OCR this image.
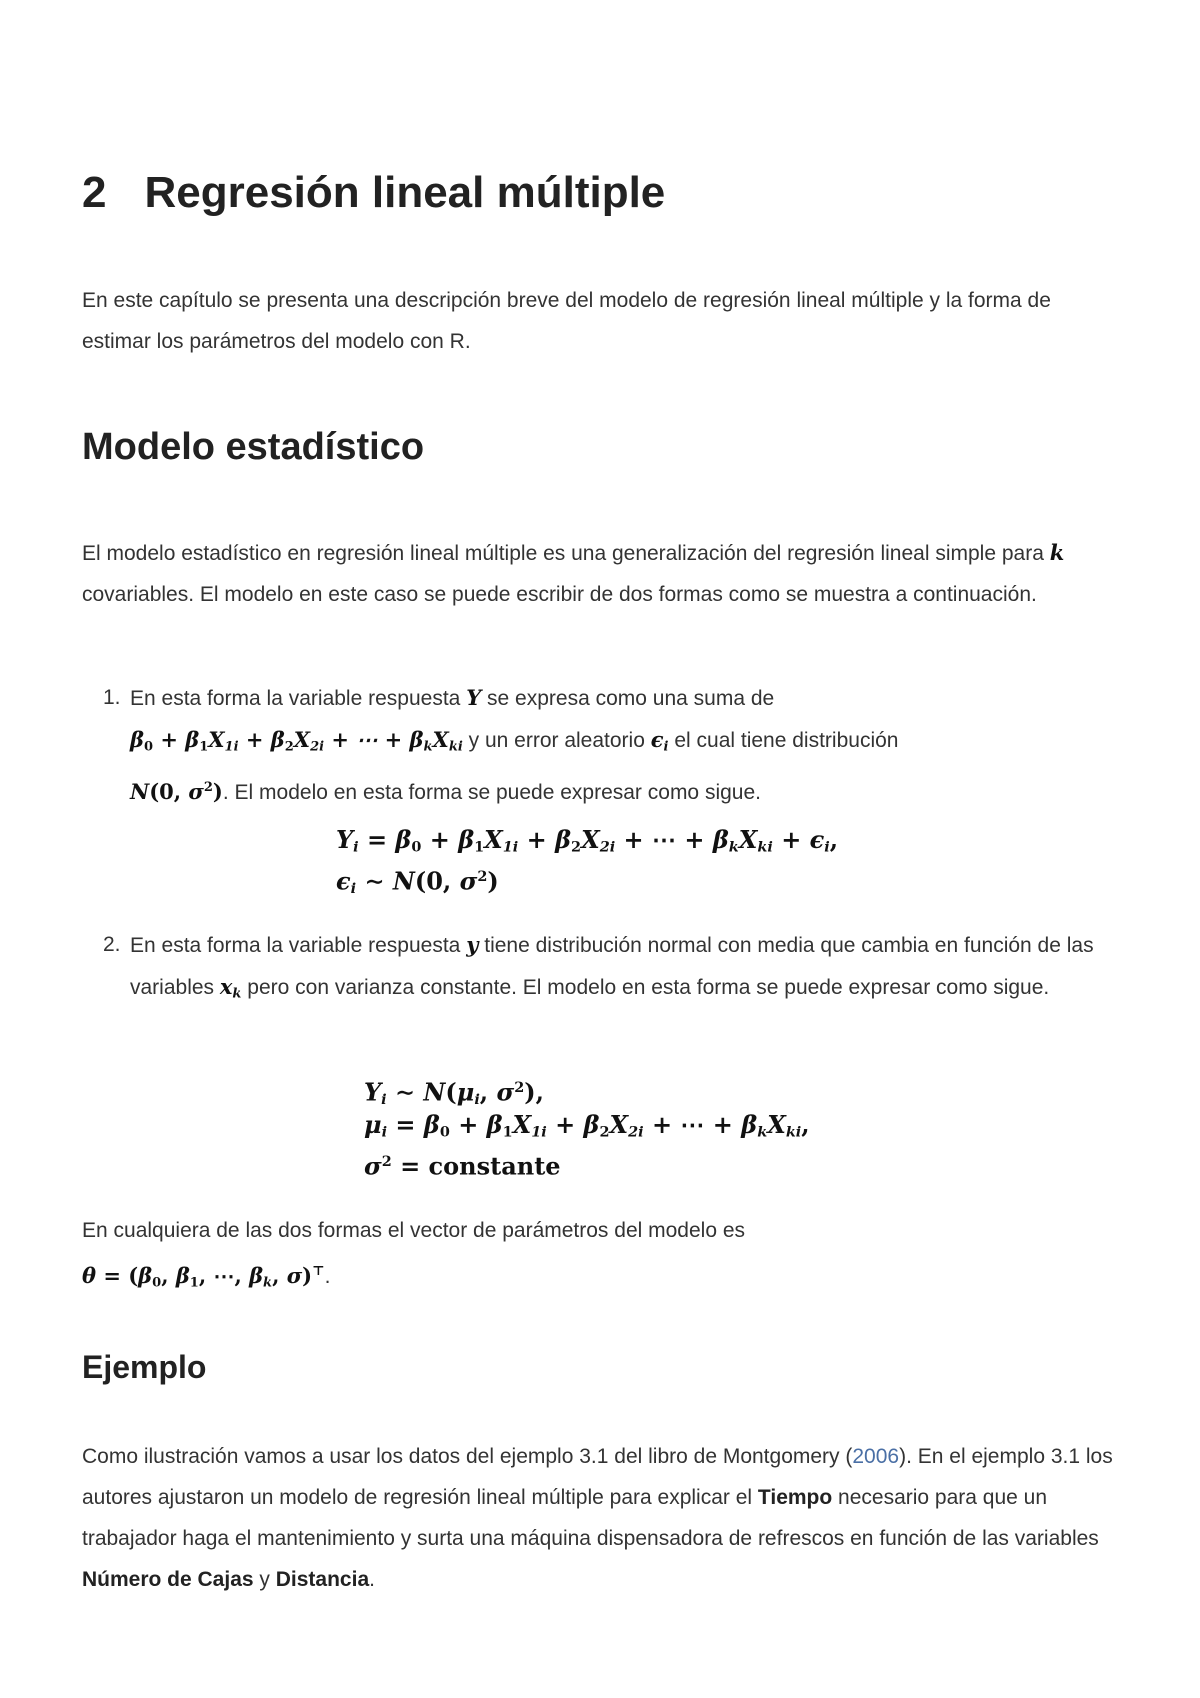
2 Regresión lineal múltiple

En este capítulo se presenta una descripción breve del modelo de regresión lineal múltiple y la forma de estimar los parámetros del modelo con R.

Modelo estadístico

El modelo estadístico en regresión lineal múltiple es una generalización del regresión lineal simple para k covariables. El modelo en este caso se puede escribir de dos formas como se muestra a continuación.

1. En esta forma la variable respuesta Y se expresa como una suma de
$\beta_0 + \beta_1X_{1i} + \beta_2X_{2i}$ + ⋯ + $\beta_kX_{ki}$ y un error aleatorio $\epsilon_i$ el cual tiene distribución
N(0, $\sigma^2$). El modelo en esta forma se puede expresar como sigue.
$Y_i = \beta_0 + \beta_1X_{1i} + \beta_2X_{2i}$ + ⋯ + $\beta_kX_{ki} + \epsilon_i$,
$\epsilon_i$ ∼ N(0, $\sigma^2$)
2. En esta forma la variable respuesta y tiene distribución normal con media que cambia en función de las variables $x_k$ pero con varianza constante. El modelo en esta forma se puede expresar como sigue.
$Y_i$ ∼ $N(\mu_i$, $\sigma^2$),
$\mu_i = \beta_0 + \beta_1X_{1i} + \beta_2X_{2i}$ + ⋯ + $\beta_kX_{ki}$,
$\sigma^2$ = constante

En cualquiera de las dos formas el vector de parámetros del modelo es
$\theta = (\beta_0$, $\beta_1$, ⋯, $\beta_k$, σ)⊤.

Ejemplo

Como ilustración vamos a usar los datos del ejemplo 3.1 del libro de Montgomery (2006). En el ejemplo 3.1 los autores ajustaron un modelo de regresión lineal múltiple para explicar el Tiempo necesario para que un trabajador haga el mantenimiento y surta una máquina dispensadora de refrescos en función de las variables Número de Cajas y Distancia.
